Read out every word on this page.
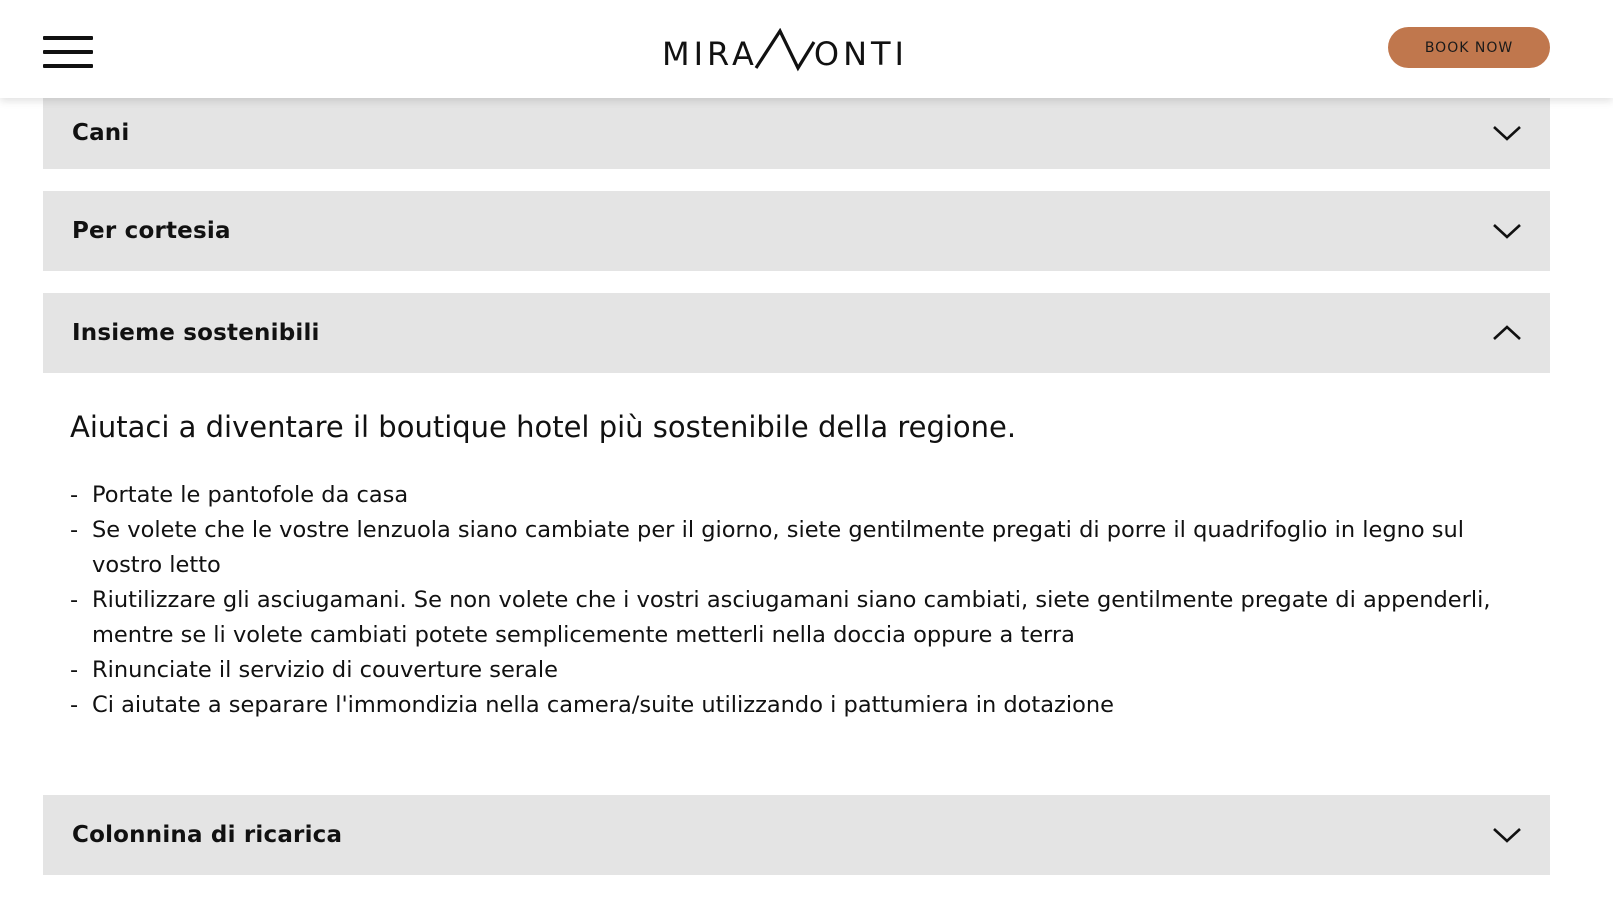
MIRA ONTI	BOOK NOW
Cani
Per cortesia
Insieme sostenibili

Aiutaci a diventare il boutique hotel più sostenibile della regione.

- Portate le pantofole da casa
- Se volete che le vostre lenzuola siano cambiate per il giorno, siete gentilmente pregati di porre il quadrifoglio in legno sul vostro letto
- Riutilizzare gli asciugamani. Se non volete che i vostri asciugamani siano cambiati, siete gentilmente pregate di appenderli, mentre se li volete cambiati potete semplicemente metterli nella doccia oppure a terra
- Rinunciate il servizio di couverture serale
- Ci aiutate a separare l'immondizia nella camera/suite utilizzando i pattumiera in dotazione
Colonnina di ricarica
